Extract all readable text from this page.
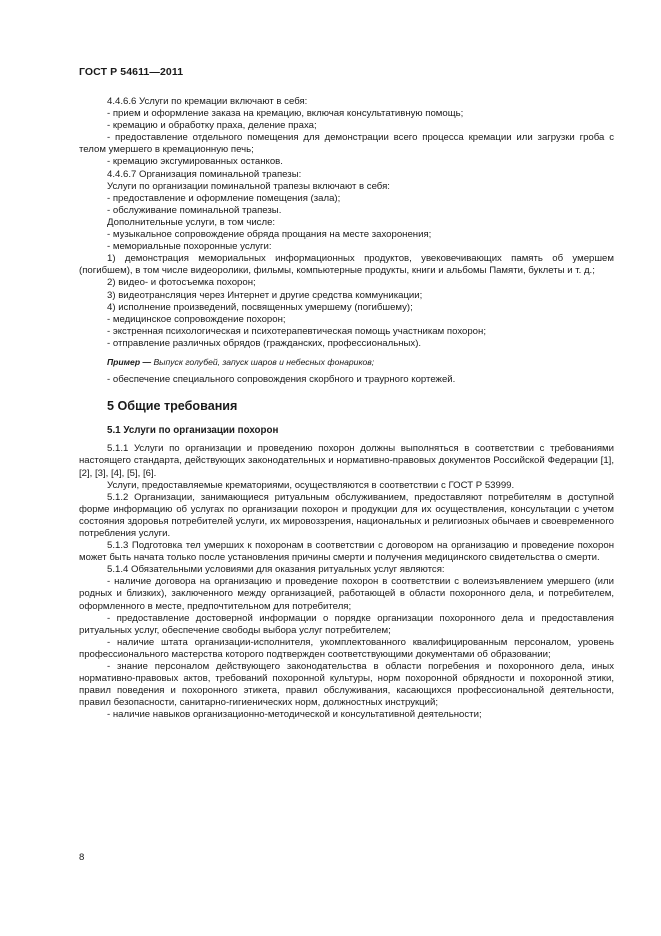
ГОСТ Р 54611—2011

4.4.6.6 Услуги по кремации включают в себя:

- прием и оформление заказа на кремацию, включая консультативную помощь;

- кремацию и обработку праха, деление праха;

- предоставление отдельного помещения для демонстрации всего процесса кремации или загрузки гроба с телом умершего в кремационную печь;

- кремацию эксгумированных останков.

4.4.6.7 Организация поминальной трапезы:

Услуги по организации поминальной трапезы включают в себя:

- предоставление и оформление помещения (зала);

- обслуживание поминальной трапезы.

Дополнительные услуги, в том числе:

- музыкальное сопровождение обряда прощания на месте захоронения;

- мемориальные похоронные услуги:

1) демонстрация мемориальных информационных продуктов, увековечивающих память об умершем (погибшем), в том числе видеоролики, фильмы, компьютерные продукты, книги и альбомы Памяти, буклеты и т. д.;

2) видео- и фотосъемка похорон;

3) видеотрансляция через Интернет и другие средства коммуникации;

4) исполнение произведений, посвященных умершему (погибшему);

- медицинское сопровождение похорон;

- экстренная психологическая и психотерапевтическая помощь участникам похорон;

- отправление различных обрядов (гражданских, профессиональных).

Пример — Выпуск голубей, запуск шаров и небесных фонариков;

- обеспечение специального сопровождения скорбного и траурного кортежей.

5 Общие требования
5.1 Услуги по организации похорон

5.1.1 Услуги по организации и проведению похорон должны выполняться в соответствии с требованиями настоящего стандарта, действующих законодательных и нормативно-правовых документов Российской Федерации [1], [2], [3], [4], [5], [6].

Услуги, предоставляемые крематориями, осуществляются в соответствии с ГОСТ Р 53999.

5.1.2 Организации, занимающиеся ритуальным обслуживанием, предоставляют потребителям в доступной форме информацию об услугах по организации похорон и продукции для их осуществления, консультации с учетом состояния здоровья потребителей услуги, их мировоззрения, национальных и религиозных обычаев и своевременного потребления услуги.

5.1.3 Подготовка тел умерших к похоронам в соответствии с договором на организацию и проведение похорон может быть начата только после установления причины смерти и получения медицинского свидетельства о смерти.

5.1.4 Обязательными условиями для оказания ритуальных услуг являются:

- наличие договора на организацию и проведение похорон в соответствии с волеизъявлением умершего (или родных и близких), заключенного между организацией, работающей в области похоронного дела, и потребителем, оформленного в месте, предпочтительном для потребителя;

- предоставление достоверной информации о порядке организации похоронного дела и предоставления ритуальных услуг, обеспечение свободы выбора услуг потребителем;

- наличие штата организации-исполнителя, укомплектованного квалифицированным персоналом, уровень профессионального мастерства которого подтвержден соответствующими документами об образовании;

- знание персоналом действующего законодательства в области погребения и похоронного дела, иных нормативно-правовых актов, требований похоронной культуры, норм похоронной обрядности и похоронной этики, правил поведения и похоронного этикета, правил обслуживания, касающихся профессиональной деятельности, правил безопасности, санитарно-гигиенических норм, должностных инструкций;

- наличие навыков организационно-методической и консультативной деятельности;

8
